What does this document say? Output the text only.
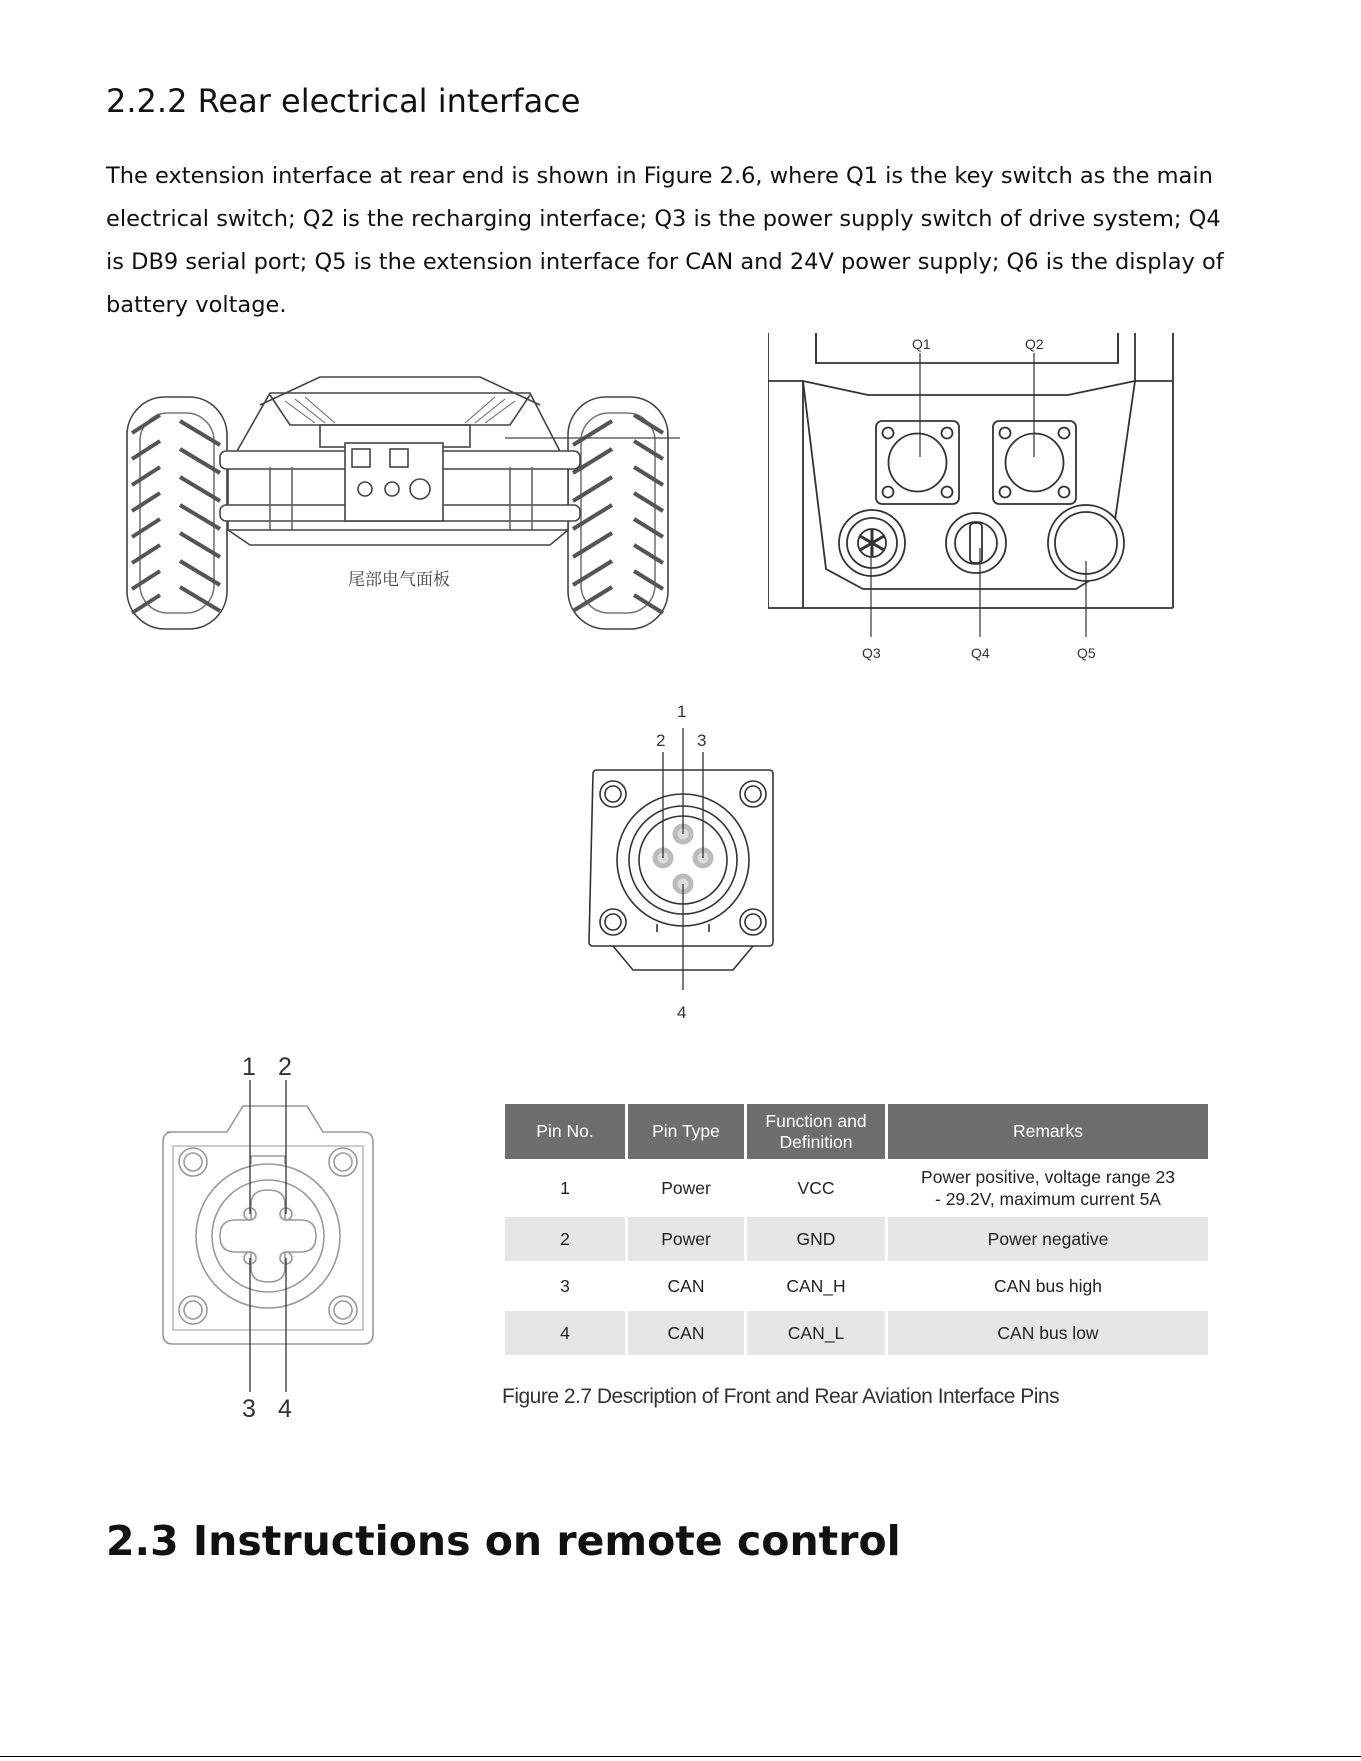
2.2.2 Rear electrical interface

The extension interface at rear end is shown in Figure 2.6, where Q1 is the key switch as the main electrical switch; Q2 is the recharging interface; Q3 is the power supply switch of drive system; Q4 is DB9 serial port; Q5 is the extension interface for CAN and 24V power supply; Q6 is the display of battery voltage.

尾部电气面板
Q1	Q2
Q3	Q4	Q5
1
2 3
4
1 2
3 4
Pin No.	Pin Type	Function and Definition	Remarks
1	Power	VCC	Power positive, voltage range 23 - 29.2V, maximum current 5A
2	Power	GND	Power negative
3	CAN	CAN_H	CAN bus high
4	CAN	CAN_L	CAN bus low
Figure 2.7 Description of Front and Rear Aviation Interface Pins
2.3 Instructions on remote control
